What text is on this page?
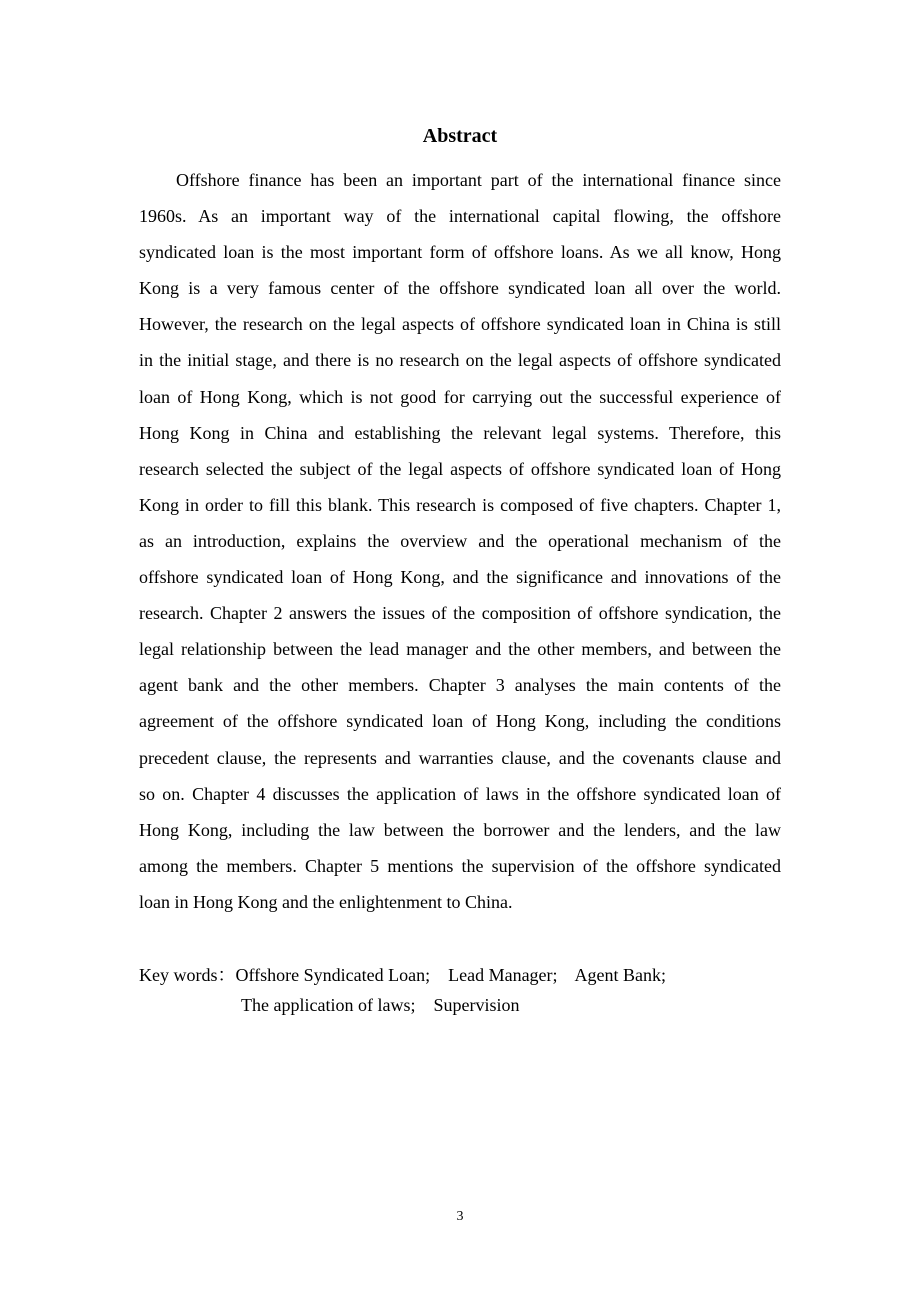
Abstract
Offshore finance has been an important part of the international finance since
1960s. As an important way of the international capital flowing, the offshore
syndicated loan is the most important form of offshore loans. As we all know, Hong
Kong is a very famous center of the offshore syndicated loan all over the world.
However, the research on the legal aspects of offshore syndicated loan in China is still
in the initial stage, and there is no research on the legal aspects of offshore syndicated
loan of Hong Kong, which is not good for carrying out the successful experience of
Hong Kong in China and establishing the relevant legal systems. Therefore, this
research selected the subject of the legal aspects of offshore syndicated loan of Hong
Kong in order to fill this blank. This research is composed of five chapters. Chapter 1,
as an introduction, explains the overview and the operational mechanism of the
offshore syndicated loan of Hong Kong, and the significance and innovations of the
research. Chapter 2 answers the issues of the composition of offshore syndication, the
legal relationship between the lead manager and the other members, and between the
agent bank and the other members. Chapter 3 analyses the main contents of the
agreement of the offshore syndicated loan of Hong Kong, including the conditions
precedent clause, the represents and warranties clause, and the covenants clause and
so on. Chapter 4 discusses the application of laws in the offshore syndicated loan of
Hong Kong, including the law between the borrower and the lenders, and the law
among the members. Chapter 5 mentions the supervision of the offshore syndicated
loan in Hong Kong and the enlightenment to China.
Key words：Offshore Syndicated Loan;    Lead Manager;    Agent Bank;
The application of laws;    Supervision
3
